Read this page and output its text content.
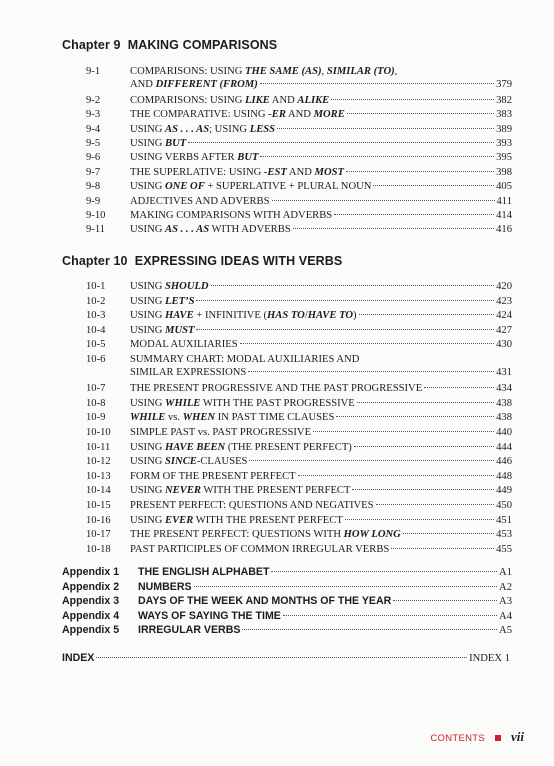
Chapter 9 MAKING COMPARISONS
9-1	COMPARISONS: USING THE SAME (AS), SIMILAR (TO),
AND DIFFERENT (FROM)	379
9-2	COMPARISONS: USING LIKE AND ALIKE	382
9-3	THE COMPARATIVE: USING -ER AND MORE	383
9-4	USING AS . . . AS; USING LESS	389
9-5	USING BUT	393
9-6	USING VERBS AFTER BUT	395
9-7	THE SUPERLATIVE: USING -EST AND MOST	398
9-8	USING ONE OF + SUPERLATIVE + PLURAL NOUN	405
9-9	ADJECTIVES AND ADVERBS	411
9-10	MAKING COMPARISONS WITH ADVERBS	414
9-11	USING AS . . . AS WITH ADVERBS	416
Chapter 10 EXPRESSING IDEAS WITH VERBS
10-1	USING SHOULD	420
10-2	USING LET’S	423
10-3	USING HAVE + INFINITIVE (HAS TO/HAVE TO)	424
10-4	USING MUST	427
10-5	MODAL AUXILIARIES	430
10-6	SUMMARY CHART: MODAL AUXILIARIES AND
SIMILAR EXPRESSIONS	431
10-7	THE PRESENT PROGRESSIVE AND THE PAST PROGRESSIVE	434
10-8	USING WHILE WITH THE PAST PROGRESSIVE	438
10-9	WHILE vs. WHEN IN PAST TIME CLAUSES	438
10-10	SIMPLE PAST vs. PAST PROGRESSIVE	440
10-11	USING HAVE BEEN (THE PRESENT PERFECT)	444
10-12	USING SINCE-CLAUSES	446
10-13	FORM OF THE PRESENT PERFECT	448
10-14	USING NEVER WITH THE PRESENT PERFECT	449
10-15	PRESENT PERFECT: QUESTIONS AND NEGATIVES	450
10-16	USING EVER WITH THE PRESENT PERFECT	451
10-17	THE PRESENT PERFECT: QUESTIONS WITH HOW LONG	453
10-18	PAST PARTICIPLES OF COMMON IRREGULAR VERBS	455
Appendix 1	THE ENGLISH ALPHABET	A1
Appendix 2	NUMBERS	A2
Appendix 3	DAYS OF THE WEEK AND MONTHS OF THE YEAR	A3
Appendix 4	WAYS OF SAYING THE TIME	A4
Appendix 5	IRREGULAR VERBS	A5
INDEX	INDEX 1
CONTENTS vii
